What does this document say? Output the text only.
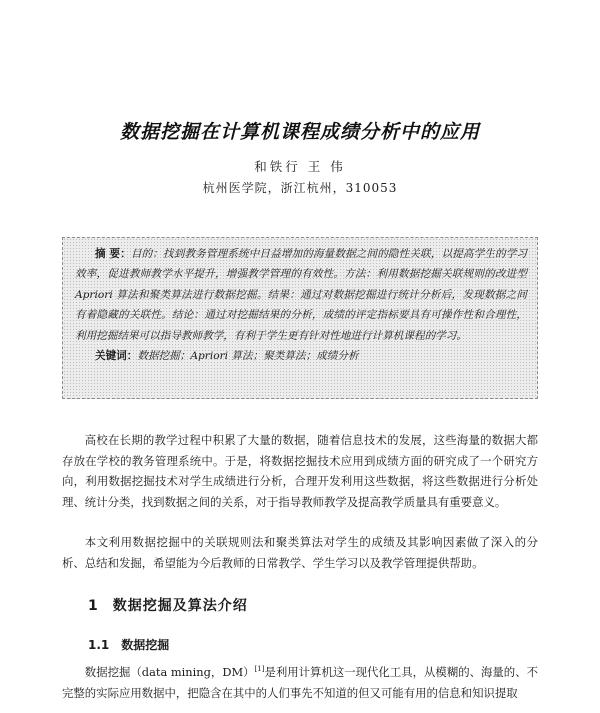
数据挖掘在计算机课程成绩分析中的应用
和铁行 王 伟
杭州医学院，浙江杭州，310053
摘 要：目的：找到教务管理系统中日益增加的海量数据之间的隐性关联，以提高学生的学习效率，促进教师教学水平提升，增强教学管理的有效性。方法：利用数据挖掘关联规则的改进型 Apriori 算法和聚类算法进行数据挖掘。结果：通过对数据挖掘进行统计分析后，发现数据之间有着隐藏的关联性。结论：通过对挖掘结果的分析，成绩的评定指标要具有可操作性和合理性，利用挖掘结果可以指导教师教学，有利于学生更有针对性地进行计算机课程的学习。
关键词：数据挖掘；Apriori 算法；聚类算法；成绩分析

高校在长期的教学过程中积累了大量的数据，随着信息技术的发展，这些海量的数据大都存放在学校的教务管理系统中。于是，将数据挖掘技术应用到成绩方面的研究成了一个研究方向，利用数据挖掘技术对学生成绩进行分析，合理开发利用这些数据，将这些数据进行分析处理、统计分类，找到数据之间的关系，对于指导教师教学及提高教学质量具有重要意义。

本文利用数据挖掘中的关联规则法和聚类算法对学生的成绩及其影响因素做了深入的分析、总结和发掘，希望能为今后教师的日常教学、学生学习以及教学管理提供帮助。

1 数据挖掘及算法介绍
1.1 数据挖掘

数据挖掘（data mining，DM）[1]是利用计算机这一现代化工具，从模糊的、海量的、不完整的实际应用数据中，把隐含在其中的人们事先不知道的但又可能有用的信息和知识提取
